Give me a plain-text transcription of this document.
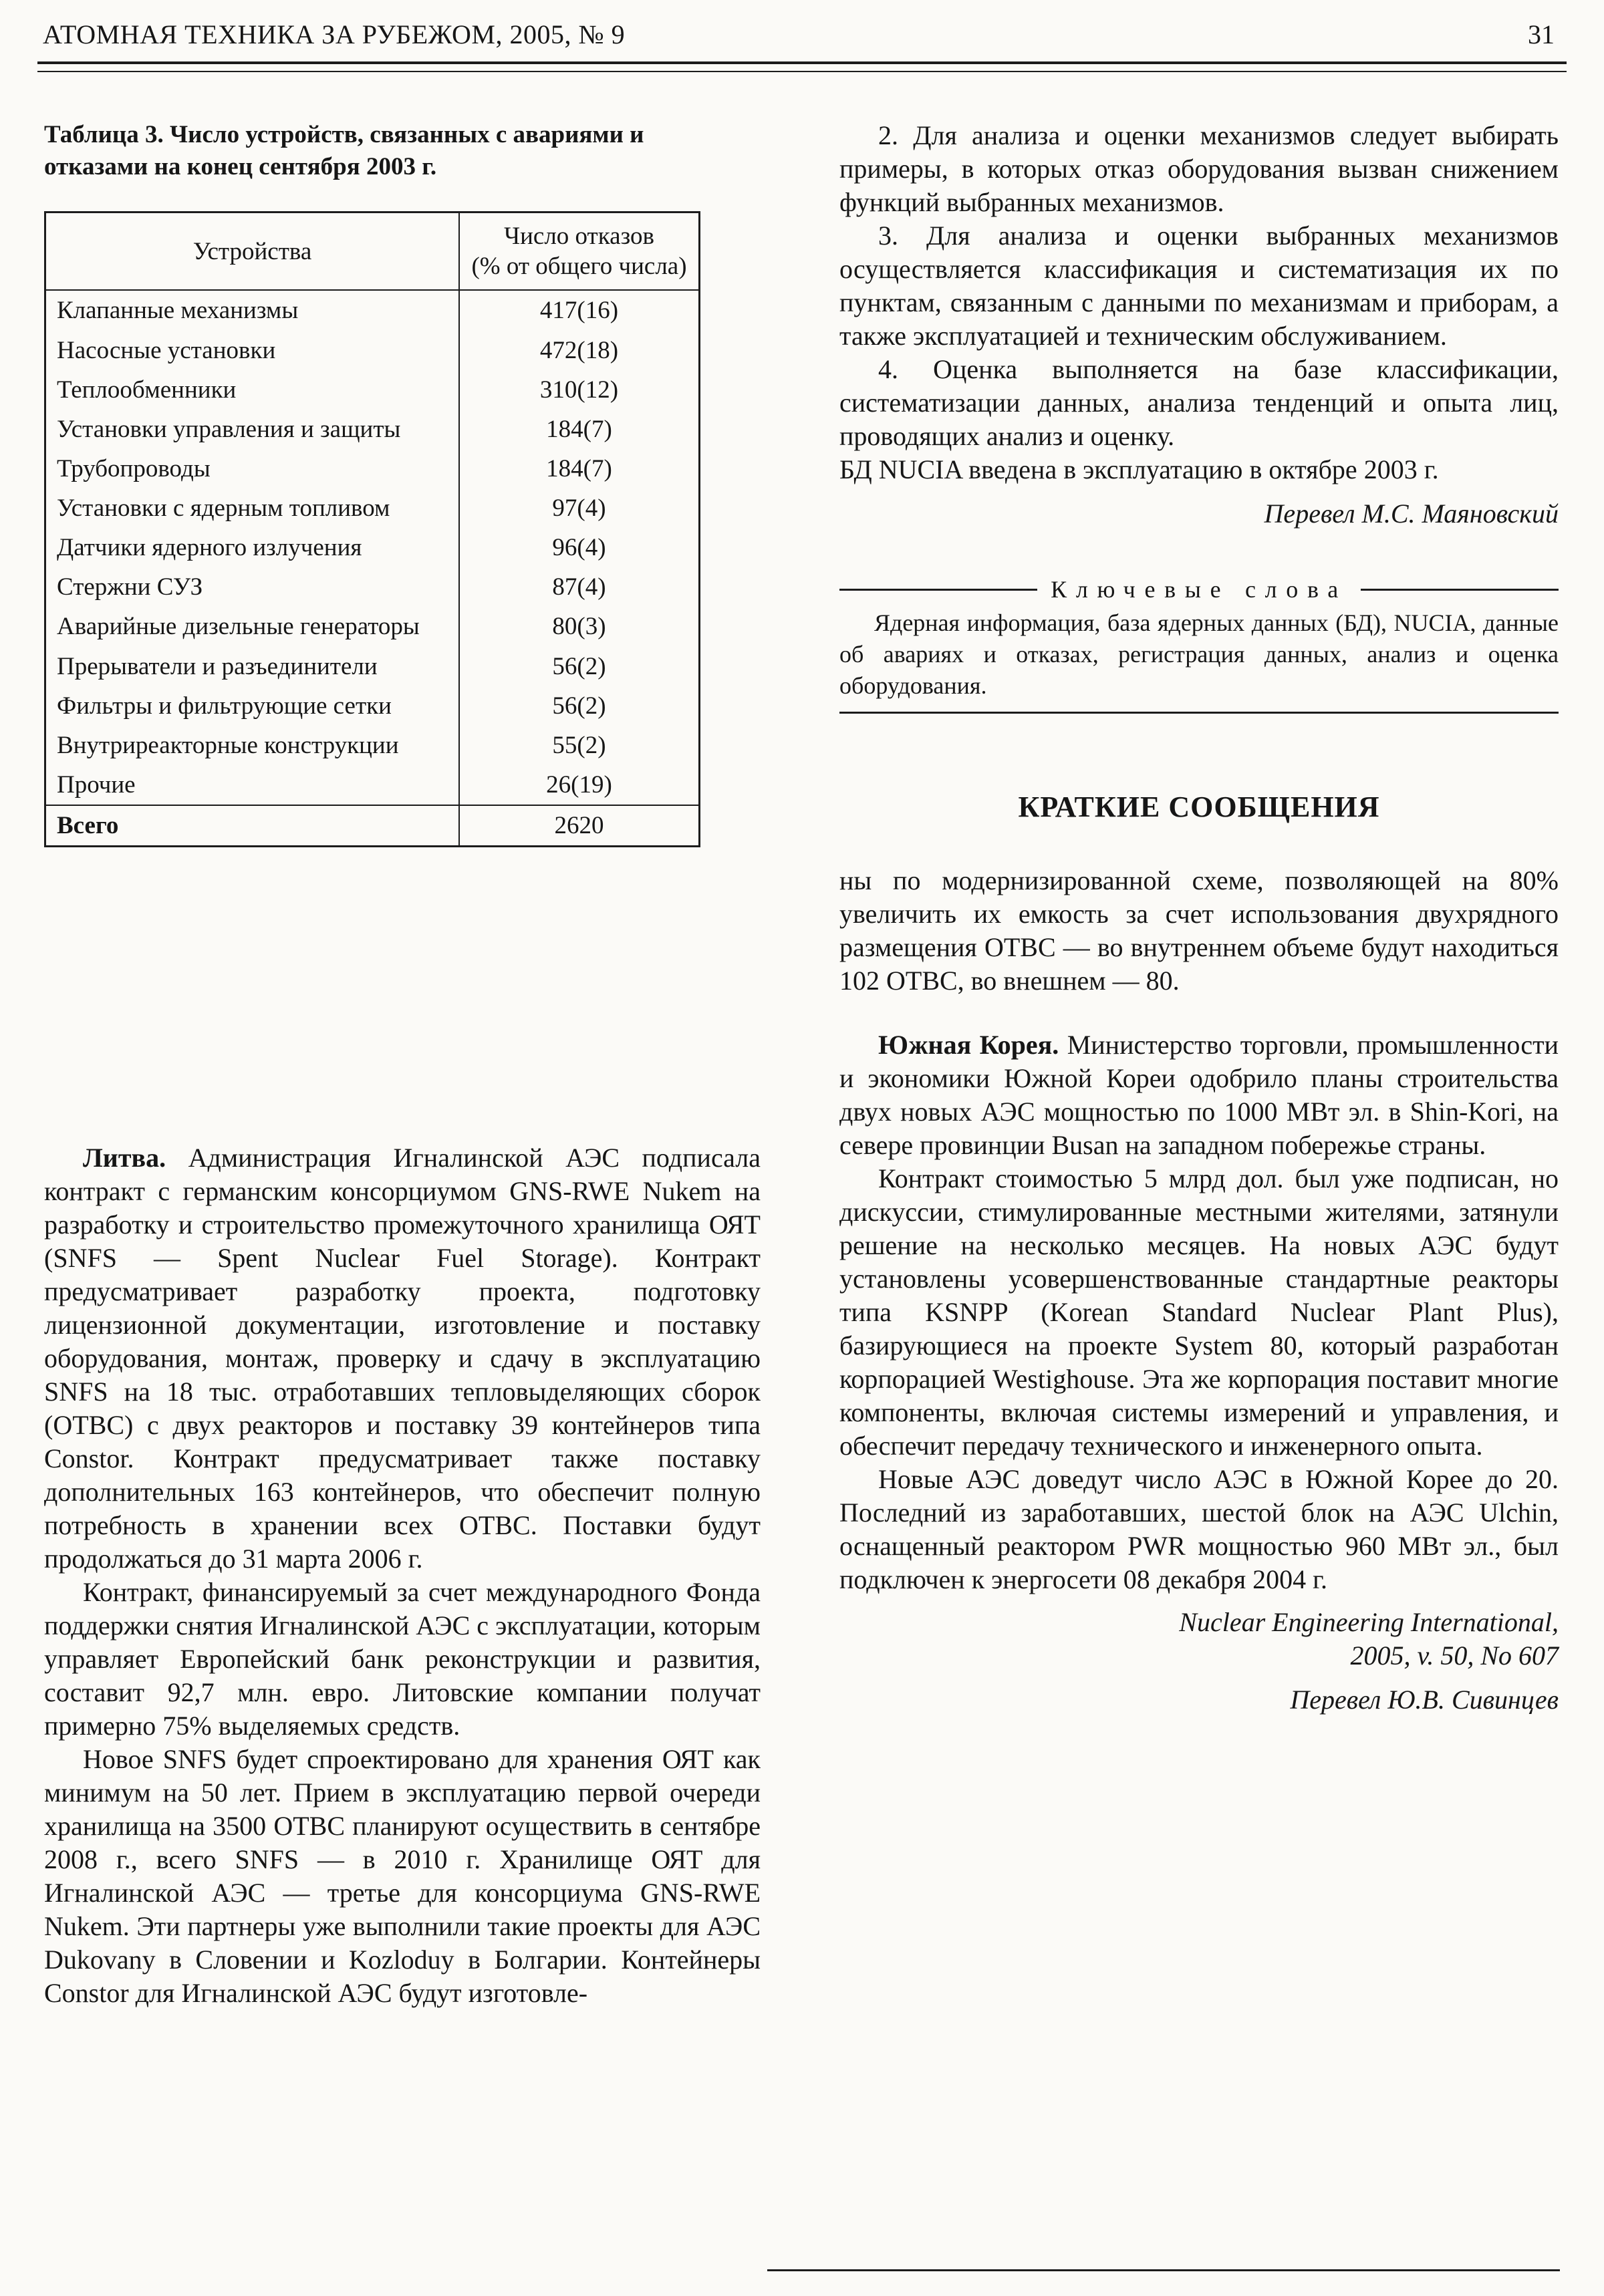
АТОМНАЯ ТЕХНИКА ЗА РУБЕЖОМ, 2005, № 9	31
Таблица 3. Число устройств, связанных с авариями и отказами на конец сентября 2003 г.
Устройства	Число отказов
(% от общего числа)
Клапанные механизмы	417(16)
Насосные установки	472(18)
Теплообменники	310(12)
Установки управления и защиты	184(7)
Трубопроводы	184(7)
Установки с ядерным топливом	97(4)
Датчики ядерного излучения	96(4)
Стержни СУЗ	87(4)
Аварийные дизельные генераторы	80(3)
Прерыватели и разъединители	56(2)
Фильтры и фильтрующие сетки	56(2)
Внутриреакторные конструкции	55(2)
Прочие	26(19)
Всего	2620

Литва. Администрация Игналинской АЭС подписала контракт с германским консорциумом GNS-RWE Nukem на разработку и строительство промежуточного хранилища ОЯТ (SNFS — Spent Nuclear Fuel Storage). Контракт предусматривает разработку проекта, подготовку лицензионной документации, изготовление и поставку оборудования, монтаж, проверку и сдачу в эксплуатацию SNFS на 18 тыс. отработавших тепловыделяющих сборок (ОТВС) с двух реакторов и поставку 39 контейнеров типа Constor. Контракт предусматривает также поставку дополнительных 163 контейнеров, что обеспечит полную потребность в хранении всех ОТВС. Поставки будут продолжаться до 31 марта 2006 г.

Контракт, финансируемый за счет международного Фонда поддержки снятия Игналинской АЭС с эксплуатации, которым управляет Европейский банк реконструкции и развития, составит 92,7 млн. евро. Литовские компании получат примерно 75% выделяемых средств.

Новое SNFS будет спроектировано для хранения ОЯТ как минимум на 50 лет. Прием в эксплуатацию первой очереди хранилища на 3500 ОТВС планируют осуществить в сентябре 2008 г., всего SNFS — в 2010 г. Хранилище ОЯТ для Игналинской АЭС — третье для консорциума GNS-RWE Nukem. Эти партнеры уже выполнили такие проекты для АЭС Dukovany в Словении и Kozloduy в Болгарии. Контейнеры Constor для Игналинской АЭС будут изготовле-

2. Для анализа и оценки механизмов следует выбирать примеры, в которых отказ оборудования вызван снижением функций выбранных механизмов.

3. Для анализа и оценки выбранных механизмов осуществляется классификация и систематизация их по пунктам, связанным с данными по механизмам и приборам, а также эксплуатацией и техническим обслуживанием.

4. Оценка выполняется на базе классификации, систематизации данных, анализа тенденций и опыта лиц, проводящих анализ и оценку.

БД NUCIA введена в эксплуатацию в октябре 2003 г.

Перевел М.С. Маяновский

Ключевые слова

Ядерная информация, база ядерных данных (БД), NUCIA, данные об авариях и отказах, регистрация данных, анализ и оценка оборудования.

КРАТКИЕ СООБЩЕНИЯ

ны по модернизированной схеме, позволяющей на 80% увеличить их емкость за счет использования двухрядного размещения ОТВС — во внутреннем объеме будут находиться 102 ОТВС, во внешнем — 80.

Южная Корея. Министерство торговли, промышленности и экономики Южной Кореи одобрило планы строительства двух новых АЭС мощностью по 1000 МВт эл. в Shin-Kori, на севере провинции Busan на западном побережье страны.

Контракт стоимостью 5 млрд дол. был уже подписан, но дискуссии, стимулированные местными жителями, затянули решение на несколько месяцев. На новых АЭС будут установлены усовершенствованные стандартные реакторы типа KSNPP (Korean Standard Nuclear Plant Plus), базирующиеся на проекте System 80, который разработан корпорацией Westighouse. Эта же корпорация поставит многие компоненты, включая системы измерений и управления, и обеспечит передачу технического и инженерного опыта.

Новые АЭС доведут число АЭС в Южной Корее до 20. Последний из заработавших, шестой блок на АЭС Ulchin, оснащенный реактором PWR мощностью 960 МВт эл., был подключен к энергосети 08 декабря 2004 г.

Nuclear Engineering International,

2005, v. 50, No 607

Перевел Ю.В. Сивинцев
